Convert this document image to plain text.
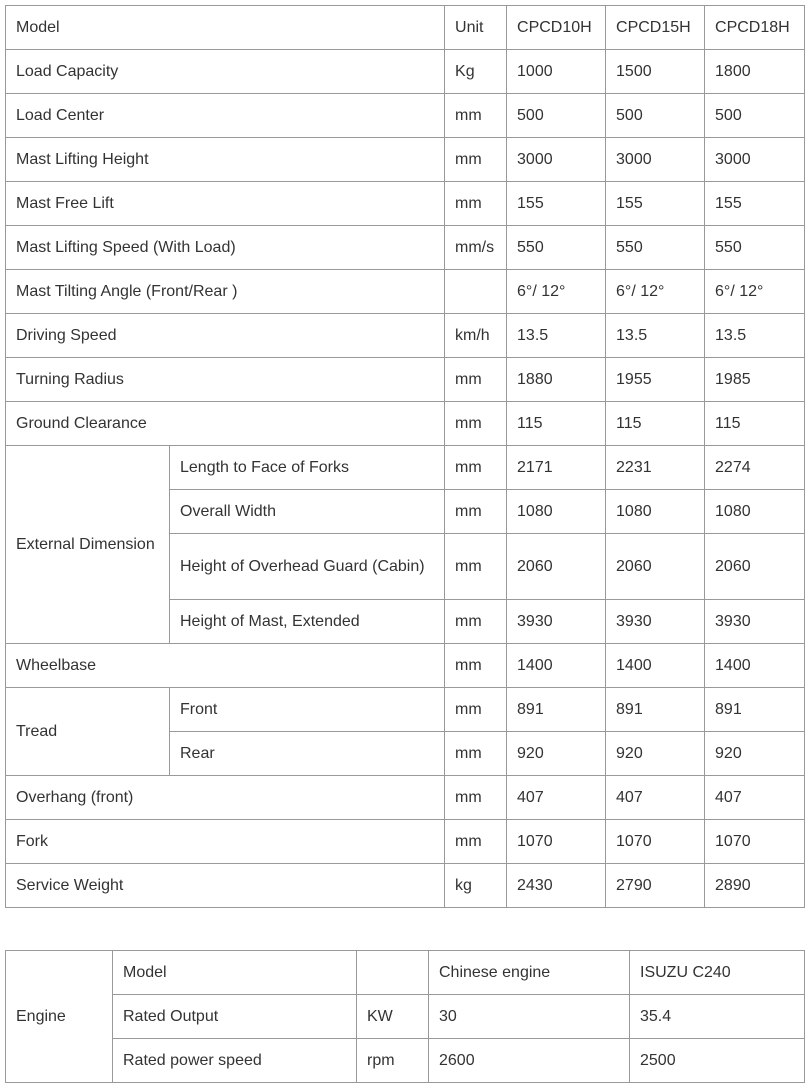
Model		Unit	CPCD10H	CPCD15H	CPCD18H
Load Capacity		Kg	1000	1500	1800
Load Center		mm	500	500	500
Mast Lifting Height		mm	3000	3000	3000
Mast Free Lift		mm	155	155	155
Mast Lifting Speed (With Load)		mm/s	550	550	550
Mast Tilting Angle (Front/Rear )			6°/ 12°	6°/ 12°	6°/ 12°
Driving Speed		km/h	13.5	13.5	13.5
Turning Radius		mm	1880	1955	1985
Ground Clearance		mm	115	115	115
External Dimension	Length to Face of Forks	mm	2171	2231	2274
	Overall Width	mm	1080	1080	1080
	Height of Overhead Guard (Cabin)	mm	2060	2060	2060
	Height of Mast, Extended	mm	3930	3930	3930
Wheelbase		mm	1400	1400	1400
Tread	Front	mm	891	891	891
	Rear	mm	920	920	920
Overhang (front)		mm	407	407	407
Fork		mm	1070	1070	1070
Service Weight		kg	2430	2790	2890
Engine	Model		Chinese engine	ISUZU C240
	Rated Output	KW	30	35.4
	Rated power speed	rpm	2600	2500
